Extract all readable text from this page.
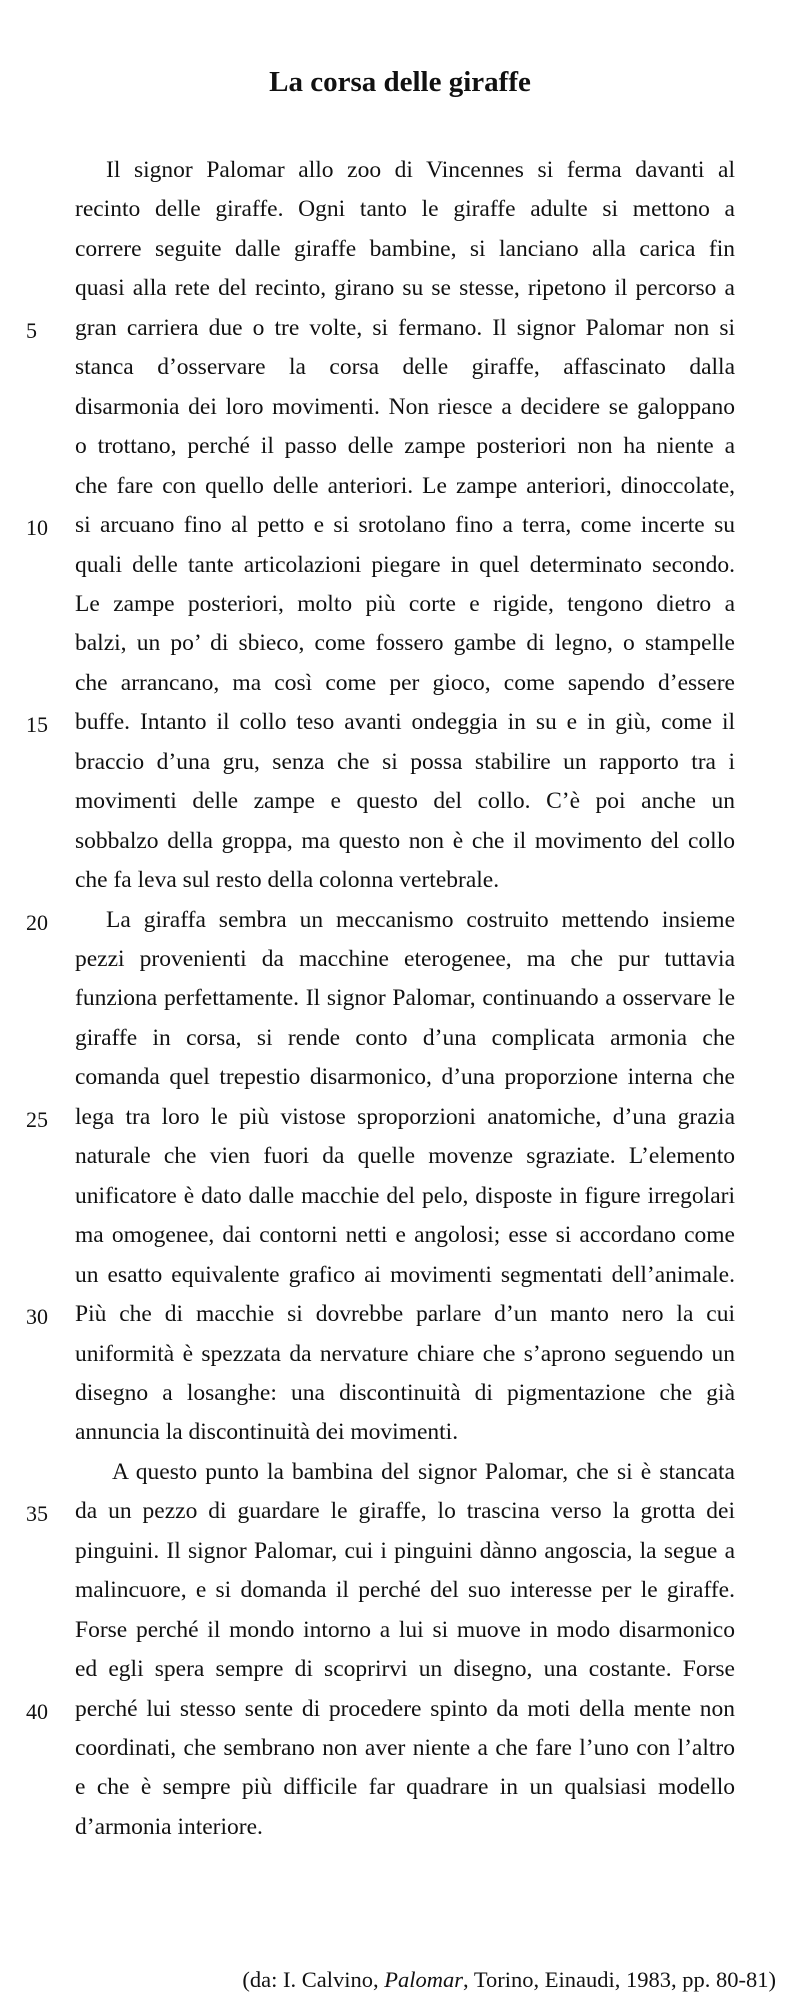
La corsa delle giraffe
Il signor Palomar allo zoo di Vincennes si ferma davanti al
recinto delle giraffe. Ogni tanto le giraffe adulte si mettono a
correre seguite dalle giraffe bambine, si lanciano alla carica fin
quasi alla rete del recinto, girano su se stesse, ripetono il percorso a
gran carriera due o tre volte, si fermano. Il signor Palomar non si
stanca d’osservare la corsa delle giraffe, affascinato dalla
disarmonia dei loro movimenti. Non riesce a decidere se galoppano
o trottano, perché il passo delle zampe posteriori non ha niente a
che fare con quello delle anteriori. Le zampe anteriori, dinoccolate,
si arcuano fino al petto e si srotolano fino a terra, come incerte su
quali delle tante articolazioni piegare in quel determinato secondo.
Le zampe posteriori, molto più corte e rigide, tengono dietro a
balzi, un po’ di sbieco, come fossero gambe di legno, o stampelle
che arrancano, ma così come per gioco, come sapendo d’essere
buffe. Intanto il collo teso avanti ondeggia in su e in giù, come il
braccio d’una gru, senza che si possa stabilire un rapporto tra i
movimenti delle zampe e questo del collo. C’è poi anche un
sobbalzo della groppa, ma questo non è che il movimento del collo
che fa leva sul resto della colonna vertebrale.
La giraffa sembra un meccanismo costruito mettendo insieme
pezzi provenienti da macchine eterogenee, ma che pur tuttavia
funziona perfettamente. Il signor Palomar, continuando a osservare le
giraffe in corsa, si rende conto d’una complicata armonia che
comanda quel trepestio disarmonico, d’una proporzione interna che
lega tra loro le più vistose sproporzioni anatomiche, d’una grazia
naturale che vien fuori da quelle movenze sgraziate. L’elemento
unificatore è dato dalle macchie del pelo, disposte in figure irregolari
ma omogenee, dai contorni netti e angolosi; esse si accordano come
un esatto equivalente grafico ai movimenti segmentati dell’animale.
Più che di macchie si dovrebbe parlare d’un manto nero la cui
uniformità è spezzata da nervature chiare che s’aprono seguendo un
disegno a losanghe: una discontinuità di pigmentazione che già
annuncia la discontinuità dei movimenti.
A questo punto la bambina del signor Palomar, che si è stancata
da un pezzo di guardare le giraffe, lo trascina verso la grotta dei
pinguini. Il signor Palomar, cui i pinguini dànno angoscia, la segue a
malincuore, e si domanda il perché del suo interesse per le giraffe.
Forse perché il mondo intorno a lui si muove in modo disarmonico
ed egli spera sempre di scoprirvi un disegno, una costante. Forse
perché lui stesso sente di procedere spinto da moti della mente non
coordinati, che sembrano non aver niente a che fare l’uno con l’altro
e che è sempre più difficile far quadrare in un qualsiasi modello
d’armonia interiore.
5
10
15
20
25
30
35
40
(da: I. Calvino, Palomar, Torino, Einaudi, 1983, pp. 80-81)
